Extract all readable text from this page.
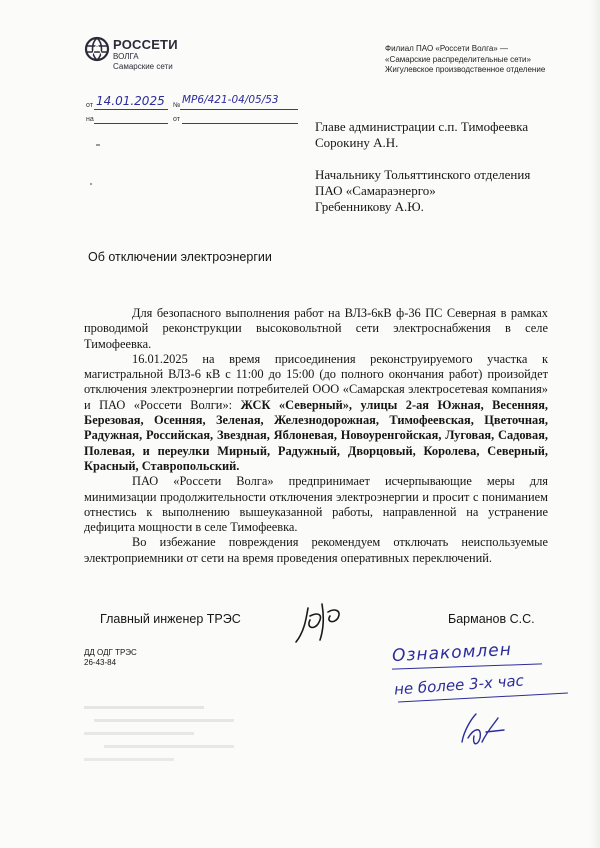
РОССЕТИ
ВОЛГА
Самарские сети
Филиал ПАО «Россети Волга» —
«Самарские распределительные сети»
Жигулевское производственное отделение
от 14.01.2025 № МР6/421-04/05/53
на	от	Главе администрации с.п. Тимофеевка
Сорокину А.Н.
Начальнику Тольяттинского отделения
ПАО «Самараэнерго»
Гребенникову А.Ю.
Об отключении электроэнергии

Для безопасного выполнения работ на ВЛЗ-6кВ ф-36 ПС Северная в рамках проводимой реконструкции высоковольтной сети электроснабжения в селе Тимофеевка.

16.01.2025 на время присоединения реконструируемого участка к магистральной ВЛЗ-6 кВ с 11:00 до 15:00 (до полного окончания работ) произойдет отключения электроэнергии потребителей ООО «Самарская электросетевая компания» и ПАО «Россети Волги»: ЖСК «Северный», улицы 2-ая Южная, Весенняя, Березовая, Осенняя, Зеленая, Железнодорожная, Тимофеевская, Цветочная, Радужная, Российская, Звездная, Яблоневая, Новоуренгойская, Луговая, Садовая, Полевая, и переулки Мирный, Радужный, Дворцовый, Королева, Северный, Красный, Ставропольский.

ПАО «Россети Волга» предпринимает исчерпывающие меры для минимизации продолжительности отключения электроэнергии и просит с пониманием отнестись к выполнению вышеуказанной работы, направленной на устранение дефицита мощности в селе Тимофеевка.

Во избежание повреждения рекомендуем отключать неиспользуемые электроприемники от сети на время проведения оперативных переключений.

Главный инженер ТРЭС	Барманов С.С.
ДД ОДГ ТРЭС
26-43-84	Ознакомлен
не более 3-х час
